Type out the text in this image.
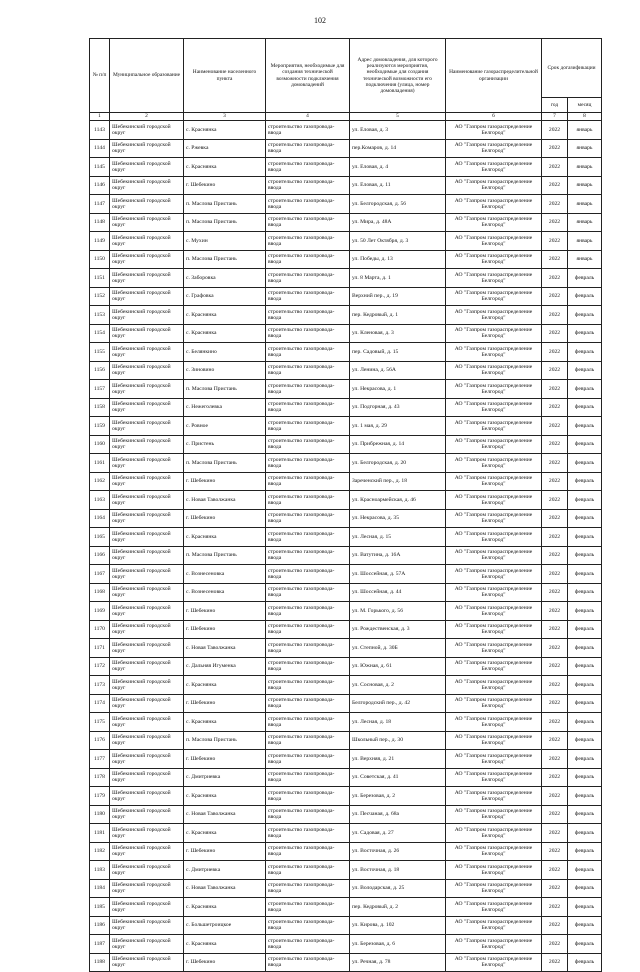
102
№ п/п	Муниципальное образование	Наименование населенного пункта	Мероприятия, необходимые для создания технической возможности подключения домовладений	Адрес домовладения, для которого реализуются мероприятия, необходимые для создания технической возможности его подключения (улица, номер домовладения)	Наименование газораспределительной организации	Срок догазификации	
						год	месяц
1	2	3	4	5	6	7	8
1143	Шебекинский городской округ	с. Краснянка	строительство газопровода-ввода	ул. Еловая, д. 3	АО "Газпром газораспределение Белгород"	2022	январь
1144	Шебекинский городской округ	с. Ржевка	строительство газопровода-ввода	пер.Комаров, д. 14	АО "Газпром газораспределение Белгород"	2022	январь
1145	Шебекинский городской округ	с. Краснянка	строительство газопровода-ввода	ул. Еловая, д. 4	АО "Газпром газораспределение Белгород"	2022	январь
1146	Шебекинский городской округ	г. Шебекино	строительство газопровода-ввода	ул. Еловая, д. 11	АО "Газпром газораспределение Белгород"	2022	январь
1147	Шебекинский городской округ	п. Маслова Пристань	строительство газопровода-ввода	ул. Белгородская, д. 56	АО "Газпром газораспределение Белгород"	2022	январь
1148	Шебекинский городской округ	п. Маслова Пристань	строительство газопровода-ввода	ул. Мира, д. 48А	АО "Газпром газораспределение Белгород"	2022	январь
1149	Шебекинский городской округ	с. Мухин	строительство газопровода-ввода	ул. 50 Лет Октября, д. 3	АО "Газпром газораспределение Белгород"	2022	январь
1150	Шебекинский городской округ	п. Маслова Пристань	строительство газопровода-ввода	ул. Победы, д. 13	АО "Газпром газораспределение Белгород"	2022	январь
1151	Шебекинский городской округ	с. Заборовка	строительство газопровода-ввода	ул. 8 Марта, д. 1	АО "Газпром газораспределение Белгород"	2022	февраль
1152	Шебекинский городской округ	с. Графовка	строительство газопровода-ввода	Верхний пер., д. 19	АО "Газпром газораспределение Белгород"	2022	февраль
1153	Шебекинский городской округ	с. Краснянка	строительство газопровода-ввода	пер. Кедровый, д. 1	АО "Газпром газораспределение Белгород"	2022	февраль
1154	Шебекинский городской округ	с. Краснянка	строительство газопровода-ввода	ул. Кленовая, д. 3	АО "Газпром газораспределение Белгород"	2022	февраль
1155	Шебекинский городской округ	с. Белянкино	строительство газопровода-ввода	пер. Садовый, д. 15	АО "Газпром газораспределение Белгород"	2022	февраль
1156	Шебекинский городской округ	с. Зиновино	строительство газопровода-ввода	ул. Ленина, д. 56А	АО "Газпром газораспределение Белгород"	2022	февраль
1157	Шебекинский городской округ	п. Маслова Пристань	строительство газопровода-ввода	ул. Некрасова, д. 1	АО "Газпром газораспределение Белгород"	2022	февраль
1158	Шебекинский городской округ	с. Нежеголевка	строительство газопровода-ввода	ул. Подгорная, д. 43	АО "Газпром газораспределение Белгород"	2022	февраль
1159	Шебекинский городской округ	с. Ровное	строительство газопровода-ввода	ул. 1 мая, д. 29	АО "Газпром газораспределение Белгород"	2022	февраль
1160	Шебекинский городской округ	с. Пристень	строительство газопровода-ввода	ул. Прибрежная, д. 14	АО "Газпром газораспределение Белгород"	2022	февраль
1161	Шебекинский городской округ	п. Маслова Пристань	строительство газопровода-ввода	ул. Белгородская, д. 20	АО "Газпром газораспределение Белгород"	2022	февраль
1162	Шебекинский городской округ	г. Шебекино	строительство газопровода-ввода	Зареченский пер., д. 18	АО "Газпром газораспределение Белгород"	2022	февраль
1163	Шебекинский городской округ	с. Новая Таволжанка	строительство газопровода-ввода	ул. Красноармейская, д. 46	АО "Газпром газораспределение Белгород"	2022	февраль
1164	Шебекинский городской округ	г. Шебекино	строительство газопровода-ввода	ул. Некрасова, д. 35	АО "Газпром газораспределение Белгород"	2022	февраль
1165	Шебекинский городской округ	с. Краснянка	строительство газопровода-ввода	ул. Лесная, д. 15	АО "Газпром газораспределение Белгород"	2022	февраль
1166	Шебекинский городской округ	п. Маслова Пристань	строительство газопровода-ввода	ул. Ватутина, д. 16А	АО "Газпром газораспределение Белгород"	2022	февраль
1167	Шебекинский городской округ	с. Вознесеновка	строительство газопровода-ввода	ул. Шоссейная, д. 57А	АО "Газпром газораспределение Белгород"	2022	февраль
1168	Шебекинский городской округ	с. Вознесеновка	строительство газопровода-ввода	ул. Шоссейная, д. 44	АО "Газпром газораспределение Белгород"	2022	февраль
1169	Шебекинский городской округ	г. Шебекино	строительство газопровода-ввода	ул. М. Горького, д. 56	АО "Газпром газораспределение Белгород"	2022	февраль
1170	Шебекинский городской округ	г. Шебекино	строительство газопровода-ввода	ул. Рождественская, д. 3	АО "Газпром газораспределение Белгород"	2022	февраль
1171	Шебекинский городской округ	с. Новая Таволжанка	строительство газопровода-ввода	ул. Степной, д. 30Б	АО "Газпром газораспределение Белгород"	2022	февраль
1172	Шебекинский городской округ	с. Дальняя Игуменка	строительство газопровода-ввода	ул. Южная, д. 61	АО "Газпром газораспределение Белгород"	2022	февраль
1173	Шебекинский городской округ	с. Краснянка	строительство газопровода-ввода	ул. Сосновая, д. 2	АО "Газпром газораспределение Белгород"	2022	февраль
1174	Шебекинский городской округ	г. Шебекино	строительство газопровода-ввода	Белгородский пер., д. 42	АО "Газпром газораспределение Белгород"	2022	февраль
1175	Шебекинский городской округ	с. Краснянка	строительство газопровода-ввода	ул. Лесная, д. 18	АО "Газпром газораспределение Белгород"	2022	февраль
1176	Шебекинский городской округ	п. Маслова Пристань	строительство газопровода-ввода	Школьный пер., д. 30	АО "Газпром газораспределение Белгород"	2022	февраль
1177	Шебекинский городской округ	г. Шебекино	строительство газопровода-ввода	ул. Верхняя, д. 21	АО "Газпром газораспределение Белгород"	2022	февраль
1178	Шебекинский городской округ	с. Дмитриевка	строительство газопровода-ввода	ул. Советская, д. 41	АО "Газпром газораспределение Белгород"	2022	февраль
1179	Шебекинский городской округ	с. Краснянка	строительство газопровода-ввода	ул. Березовая, д. 2	АО "Газпром газораспределение Белгород"	2022	февраль
1180	Шебекинский городской округ	с. Новая Таволжанка	строительство газопровода-ввода	ул. Песчаная, д. 68а	АО "Газпром газораспределение Белгород"	2022	февраль
1181	Шебекинский городской округ	с. Краснянка	строительство газопровода-ввода	ул. Садовая, д. 27	АО "Газпром газораспределение Белгород"	2022	февраль
1182	Шебекинский городской округ	г. Шебекино	строительство газопровода-ввода	ул. Восточная, д. 26	АО "Газпром газораспределение Белгород"	2022	февраль
1183	Шебекинский городской округ	с. Дмитриевка	строительство газопровода-ввода	ул. Восточная, д. 18	АО "Газпром газораспределение Белгород"	2022	февраль
1184	Шебекинский городской округ	с. Новая Таволжанка	строительство газопровода-ввода	ул. Володарская, д. 25	АО "Газпром газораспределение Белгород"	2022	февраль
1185	Шебекинский городской округ	с. Краснянка	строительство газопровода-ввода	пер. Кедровый, д. 2	АО "Газпром газораспределение Белгород"	2022	февраль
1186	Шебекинский городской округ	с. Большетроицкое	строительство газопровода-ввода	ул. Кирова, д. 102	АО "Газпром газораспределение Белгород"	2022	февраль
1187	Шебекинский городской округ	с. Краснянка	строительство газопровода-ввода	ул. Березовая, д. 6	АО "Газпром газораспределение Белгород"	2022	февраль
1188	Шебекинский городской округ	г. Шебекино	строительство газопровода-ввода	ул. Речная, д. 78	АО "Газпром газораспределение Белгород"	2022	февраль
